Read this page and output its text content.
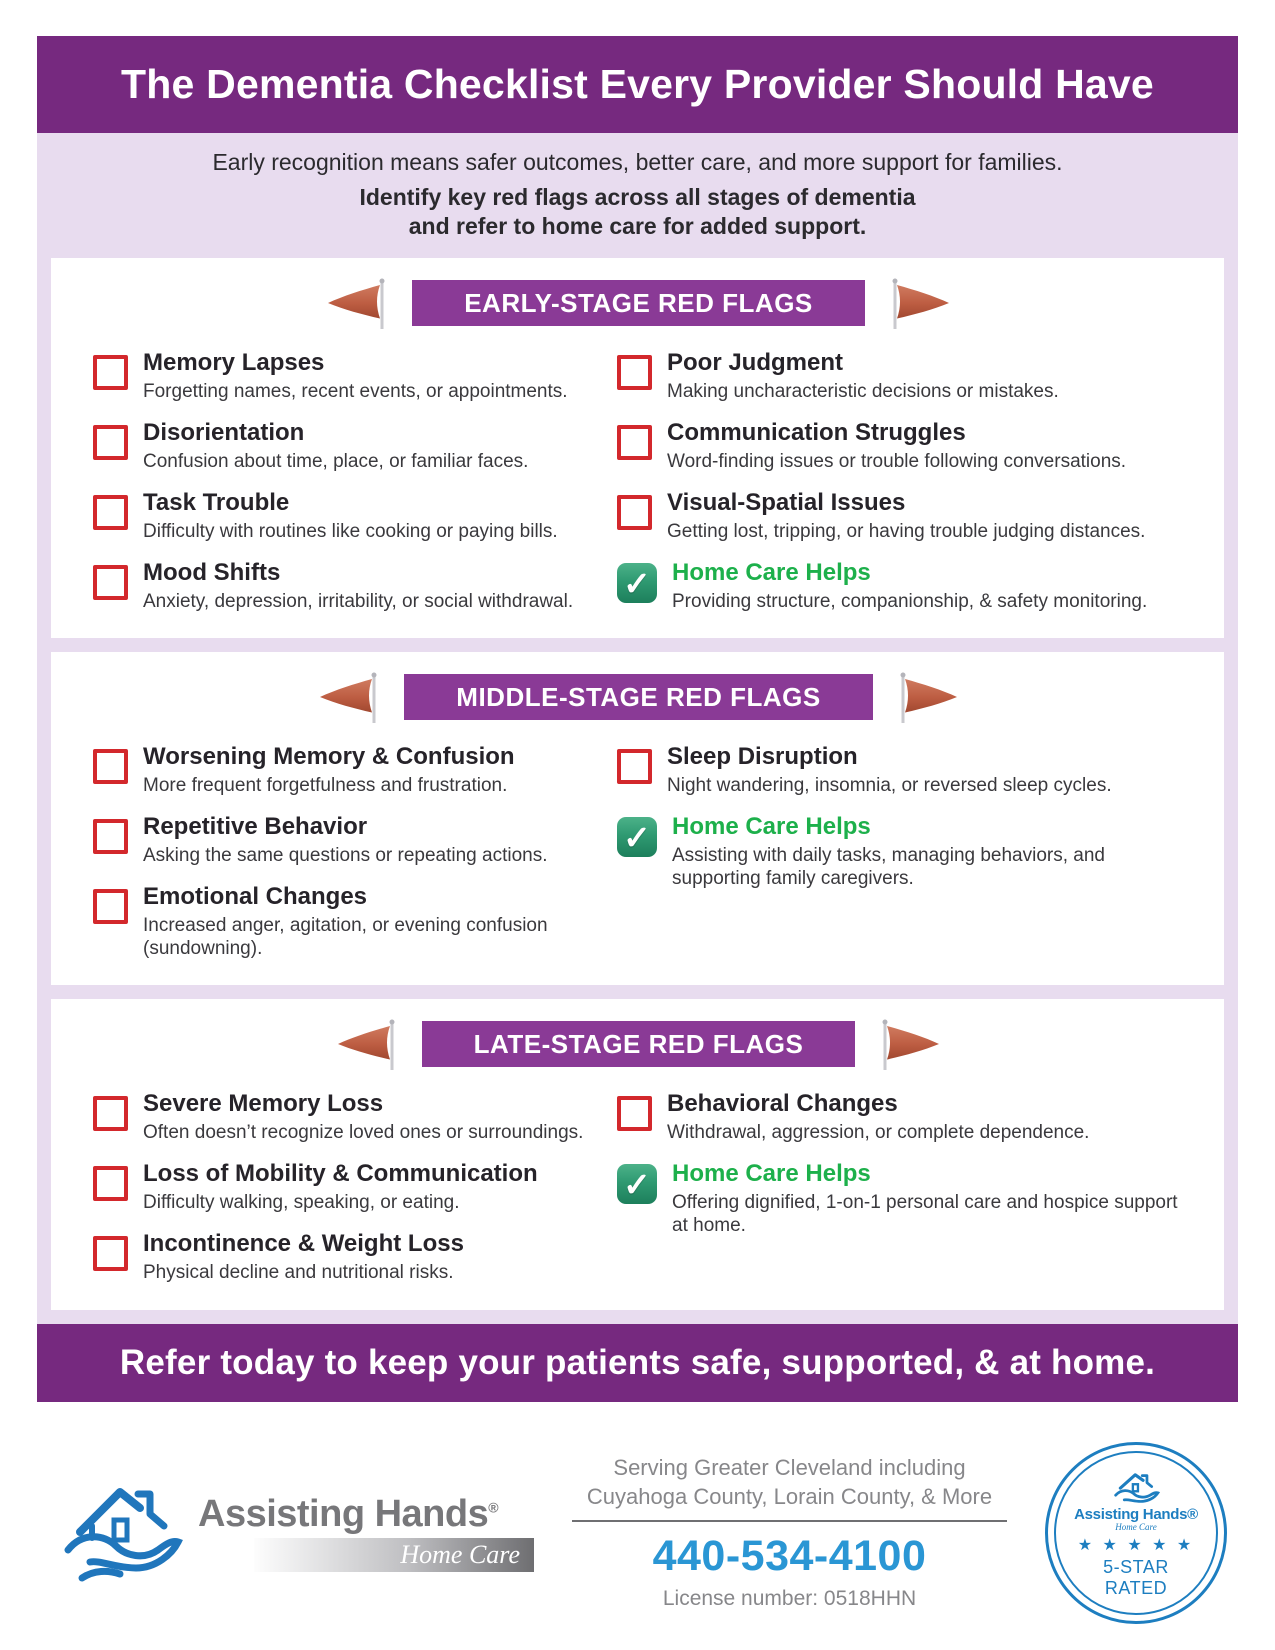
The Dementia Checklist Every Provider Should Have
Early recognition means safer outcomes, better care, and more support for families.
Identify key red flags across all stages of dementia
and refer to home care for added support.
EARLY-STAGE RED FLAGS
Memory Lapses
Forgetting names, recent events, or appointments.
Disorientation
Confusion about time, place, or familiar faces.
Task Trouble
Difficulty with routines like cooking or paying bills.
Mood Shifts
Anxiety, depression, irritability, or social withdrawal.
Poor Judgment
Making uncharacteristic decisions or mistakes.
Communication Struggles
Word-finding issues or trouble following conversations.
Visual-Spatial Issues
Getting lost, tripping, or having trouble judging distances.
✓ Home Care Helps
Providing structure, companionship, & safety monitoring.
MIDDLE-STAGE RED FLAGS
Worsening Memory & Confusion
More frequent forgetfulness and frustration.
Repetitive Behavior
Asking the same questions or repeating actions.
Emotional Changes
Increased anger, agitation, or evening confusion (sundowning).
Sleep Disruption
Night wandering, insomnia, or reversed sleep cycles.
✓ Home Care Helps
Assisting with daily tasks, managing behaviors, and supporting family caregivers.
LATE-STAGE RED FLAGS
Severe Memory Loss
Often doesn’t recognize loved ones or surroundings.
Loss of Mobility & Communication
Difficulty walking, speaking, or eating.
Incontinence & Weight Loss
Physical decline and nutritional risks.
Behavioral Changes
Withdrawal, aggression, or complete dependence.
✓ Home Care Helps
Offering dignified, 1-on-1 personal care and hospice support at home.
Refer today to keep your patients safe, supported, & at home.
Assisting Hands®
Home Care
Serving Greater Cleveland including
Cuyahoga County, Lorain County, & More
440-534-4100
License number: 0518HHN
Assisting Hands®
Home Care
★ ★ ★ ★ ★
5-STAR
RATED
